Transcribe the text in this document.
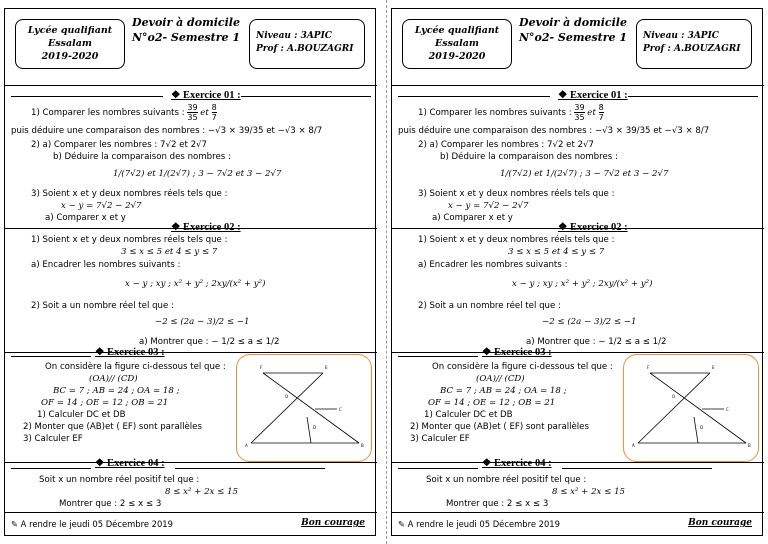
Lycée qualifiant
Essalam
2019-2020
Devoir à domicile
N°o2- Semestre 1	Niveau : 3APIC
Prof : A.BOUZAGRI
❖ Exercice 01 :
1) Comparer les nombres suivants : $\frac{39}{35}$ et $\frac{8}{7}$
puis déduire une comparaison des nombres : −√3 × 39/35 et −√3 × 8/7
2) a) Comparer les nombres : 7√2 et 2√7
b) Déduire la comparaison des nombres :
1/(7√2) et 1/(2√7) ; 3 − 7√2 et 3 − 2√7
3) Soient x et y deux nombres réels tels que :
x − y = 7√2 − 2√7
a) Comparer x et y
❖ Exercice 02 :
1) Soient x et y deux nombres réels tels que :
3 ≤ x ≤ 5 et 4 ≤ y ≤ 7
a) Encadrer les nombres suivants :
x − y ; xy ; x² + y² ; 2xy/(x² + y²)
2) Soit a un nombre réel tel que :
−2 ≤ (2a − 3)/2 ≤ −1
a) Montrer que : − 1/2 ≤ a ≤ 1/2
❖ Exercice 03 :
On considère la figure ci-dessous tel que :
(OA)// (CD)
BC = 7 ; AB = 24 ; OA = 18 ;
OF = 14 ; OE = 12 ; OB = 21
1) Calculer DC et DB
2) Monter que (AB)et ( EF) sont parallèles
3) Calculer EF
F	E
O
C
D
B
A
❖ Exercice 04 :
Soit x un nombre réel positif tel que :
8 ≤ x² + 2x ≤ 15
Montrer que : 2 ≤ x ≤ 3
✎ A rendre le jeudi 05 Décembre 2019	Bon courage
Lycée qualifiant
Essalam
2019-2020
Devoir à domicile
N°o2- Semestre 1	Niveau : 3APIC
Prof : A.BOUZAGRI
❖ Exercice 01 :
1) Comparer les nombres suivants : $\frac{39}{35}$ et $\frac{8}{7}$
puis déduire une comparaison des nombres : −√3 × 39/35 et −√3 × 8/7
2) a) Comparer les nombres : 7√2 et 2√7
b) Déduire la comparaison des nombres :
1/(7√2) et 1/(2√7) ; 3 − 7√2 et 3 − 2√7
3) Soient x et y deux nombres réels tels que :
x − y = 7√2 − 2√7
a) Comparer x et y
❖ Exercice 02 :
1) Soient x et y deux nombres réels tels que :
3 ≤ x ≤ 5 et 4 ≤ y ≤ 7
a) Encadrer les nombres suivants :
x − y ; xy ; x² + y² ; 2xy/(x² + y²)
2) Soit a un nombre réel tel que :
−2 ≤ (2a − 3)/2 ≤ −1
a) Montrer que : − 1/2 ≤ a ≤ 1/2
❖ Exercice 03 :
On considère la figure ci-dessous tel que :
(OA)// (CD)
BC = 7 ; AB = 24 ; OA = 18 ;
OF = 14 ; OE = 12 ; OB = 21
1) Calculer DC et DB
2) Monter que (AB)et ( EF) sont parallèles
3) Calculer EF
F	E
O
C
D
B
A
❖ Exercice 04 :
Soit x un nombre réel positif tel que :
8 ≤ x² + 2x ≤ 15
Montrer que : 2 ≤ x ≤ 3
✎ A rendre le jeudi 05 Décembre 2019	Bon courage
